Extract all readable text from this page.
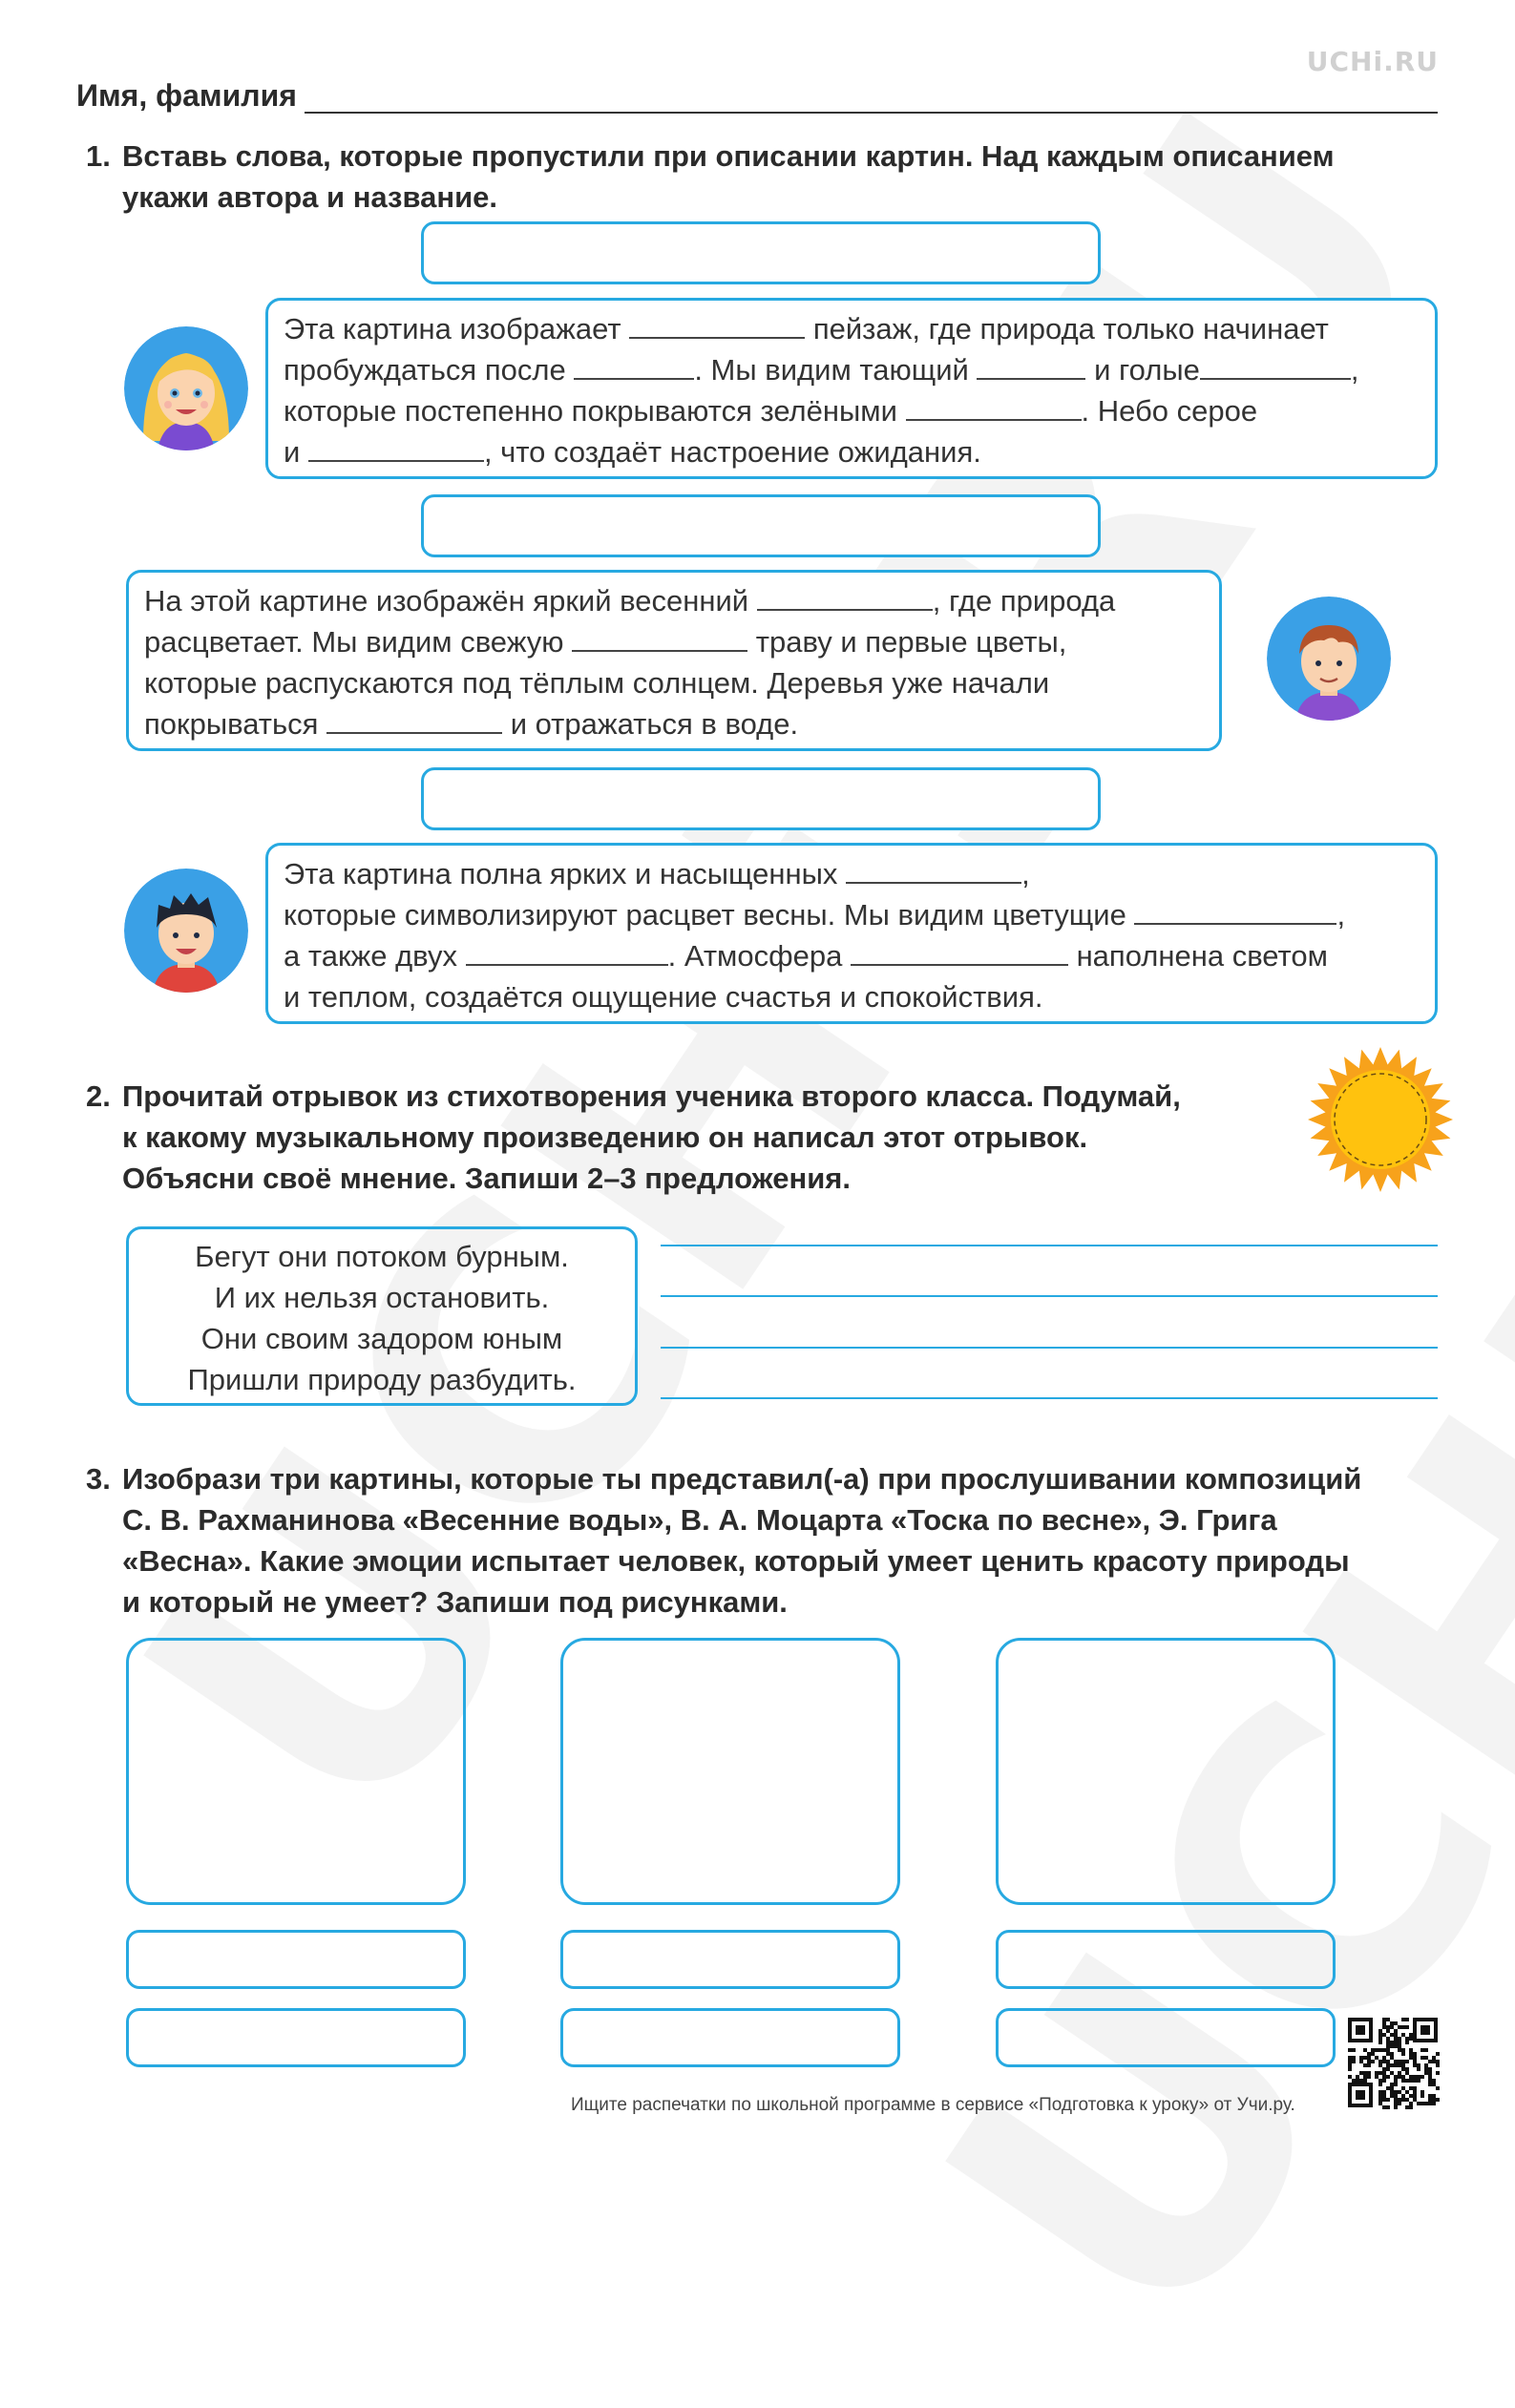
UCHi.RU
Имя, фамилия
1. Вставь слова, которые пропустили при описании картин. Над каждым описанием
укажи автора и название.
Эта картина изображает	пейзаж, где природа только начинает
пробуждаться после	. Мы видим тающий	и голые	,
которые постепенно покрываются зелёными	. Небо серое
и	, что создаёт настроение ожидания.
На этой картине изображён яркий весенний	, где природа
расцветает. Мы видим свежую	траву и первые цветы,
которые распускаются под тёплым солнцем. Деревья уже начали
покрываться	и отражаться в воде.
Эта картина полна ярких и насыщенных	,
которые символизируют расцвет весны. Мы видим цветущие	,
а также двух	. Атмосфера	наполнена светом
и теплом, создаётся ощущение счастья и спокойствия.
2. Прочитай отрывок из стихотворения ученика второго класса. Подумай,
к какому музыкальному произведению он написал этот отрывок.
Объясни своё мнение. Запиши 2–3 предложения.
Бегут они потоком бурным.
И их нельзя остановить.
Они своим задором юным
Пришли природу разбудить.
3. Изобрази три картины, которые ты представил(-а) при прослушивании композиций
С. В. Рахманинова «Весенние воды», В. А. Моцарта «Тоска по весне», Э. Грига
«Весна». Какие эмоции испытает человек, который умеет ценить красоту природы
и который не умеет? Запиши под рисунками.
Ищите распечатки по школьной программе в сервисе «Подготовка к уроку» от Учи.ру.
